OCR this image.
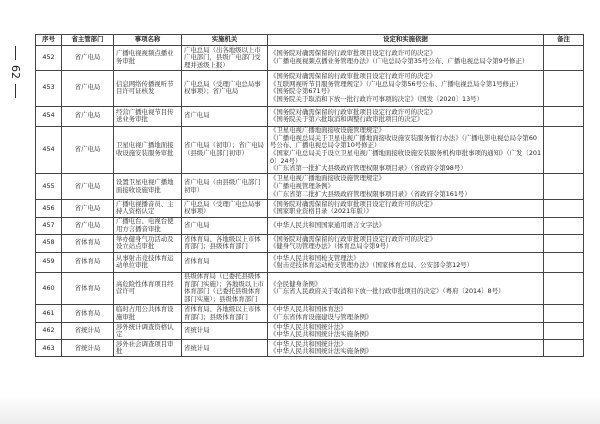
62
序号	省主管部门	事项名称	实施机关	设定和实施依据	备注
452	省广电局	广播电视视频点播业务审批	广电总局（出各地级以上市广电部门，县级广电部门受理并送级上报）	《国务院对确需保留的行政审批项目设定行政许可的决定》
《广播电视视频点播业务管理办法》（广电总局令第35号公布、广播电视总局令第9号修正）	

453	省广电局	信息网络传播视听节目许可证核发	广电总局（受理广电总局事权事项）；省广电局	《国务院对确需保留的行政审批项目设定行政许可的决定》
《互联网视听节目服务管理规定》（广电总局令第56号公布、广播电视总局令第1号修正）
《国务院令第671号》
《国务院关于取消和下放一批行政许可事项的决定》（国发〔2020〕13号）	

454	省广电局	经营广播电视节目传送业务审批	省广电局	《国务院对确需保留的行政审批项目设定行政许可的决定》
《国务院关于第六批取消和调整行政审批项目的决定》	

454	省广电局	卫星电视广播地面接收设施安装服务审批	省广电局（初审）；省广电局（县级广电部门初审）	《卫星电视广播地面接收设施管理规定》
《广播电视总局关于卫星电视广播地面接收设施安装服务暂行办法》（广播电影电视总局令第60号公布、广播电视总局令第10号修正）
《国家广电总局关于设立卫星电视广播地面接收设施安装服务机构审批事项的通知》（广发〔2010〕24号）
《广东省第一批扩大县级政府管理权限事项目录》（省政府令第98号）	

455	省广电局	设置卫星电视广播地面接收设施审批	省广电局（由县级广电部门初审）	《卫星电视广播地面接收设施管理规定》
《广播电视管理条例》
《广东省第二批扩大县级政府管理权限事项目录》（省政府令第161号）	

456	省广电局	广播电视播音员、主持人资格认定	广电总局（受理广电总局事权事项）	《国务院对确需保留的行政审批项目设定行政许可的决定》
《国家职业资格目录（2021年版）》	

457	省广电局	广播电台、电视台使用方言播音审批	省广电局	《中华人民共和国国家通用语言文字法》	

458	省体育局	举办健身气功活动及设立站点审批	省体育局、各地级以上市体育部门；县级体育部门	《国务院对确需保留的行政审批项目设定行政许可的决定》
《健身气功管理办法》（体育总局令第9号）	

459	省体育局	从事射击竞技体育运动单位审批	省体育局	《中华人民共和国枪支管理法》
《射击竞技体育运动枪支管理办法》（国家体育总局、公安部令第12号）	

460	省体育局	高危险性体育项目经营许可	县级体育局（已委托县级体育部门实施）；各地级以上市体育部门（已委托县级体育部门实施）；县级体育部门	《全民健身条例》
《广东省人民政府关于取消和下放一批行政审批项目的决定》（粤府〔2014〕8号）	

461	省体育局	临时占用公共体育设施审批	省体育局、各地级以上市体育部门；县级体育部门	《中华人民共和国体育法》
《广东省体育设施建设与管理条例》	

462	省统计局	涉外统计调查资格认定	省统计局	《中华人民共和国统计法》
《中华人民共和国统计法实施条例》	

463	省统计局	涉外社会调查项目审批	省统计局	《中华人民共和国统计法》
《中华人民共和国统计法实施条例》	
